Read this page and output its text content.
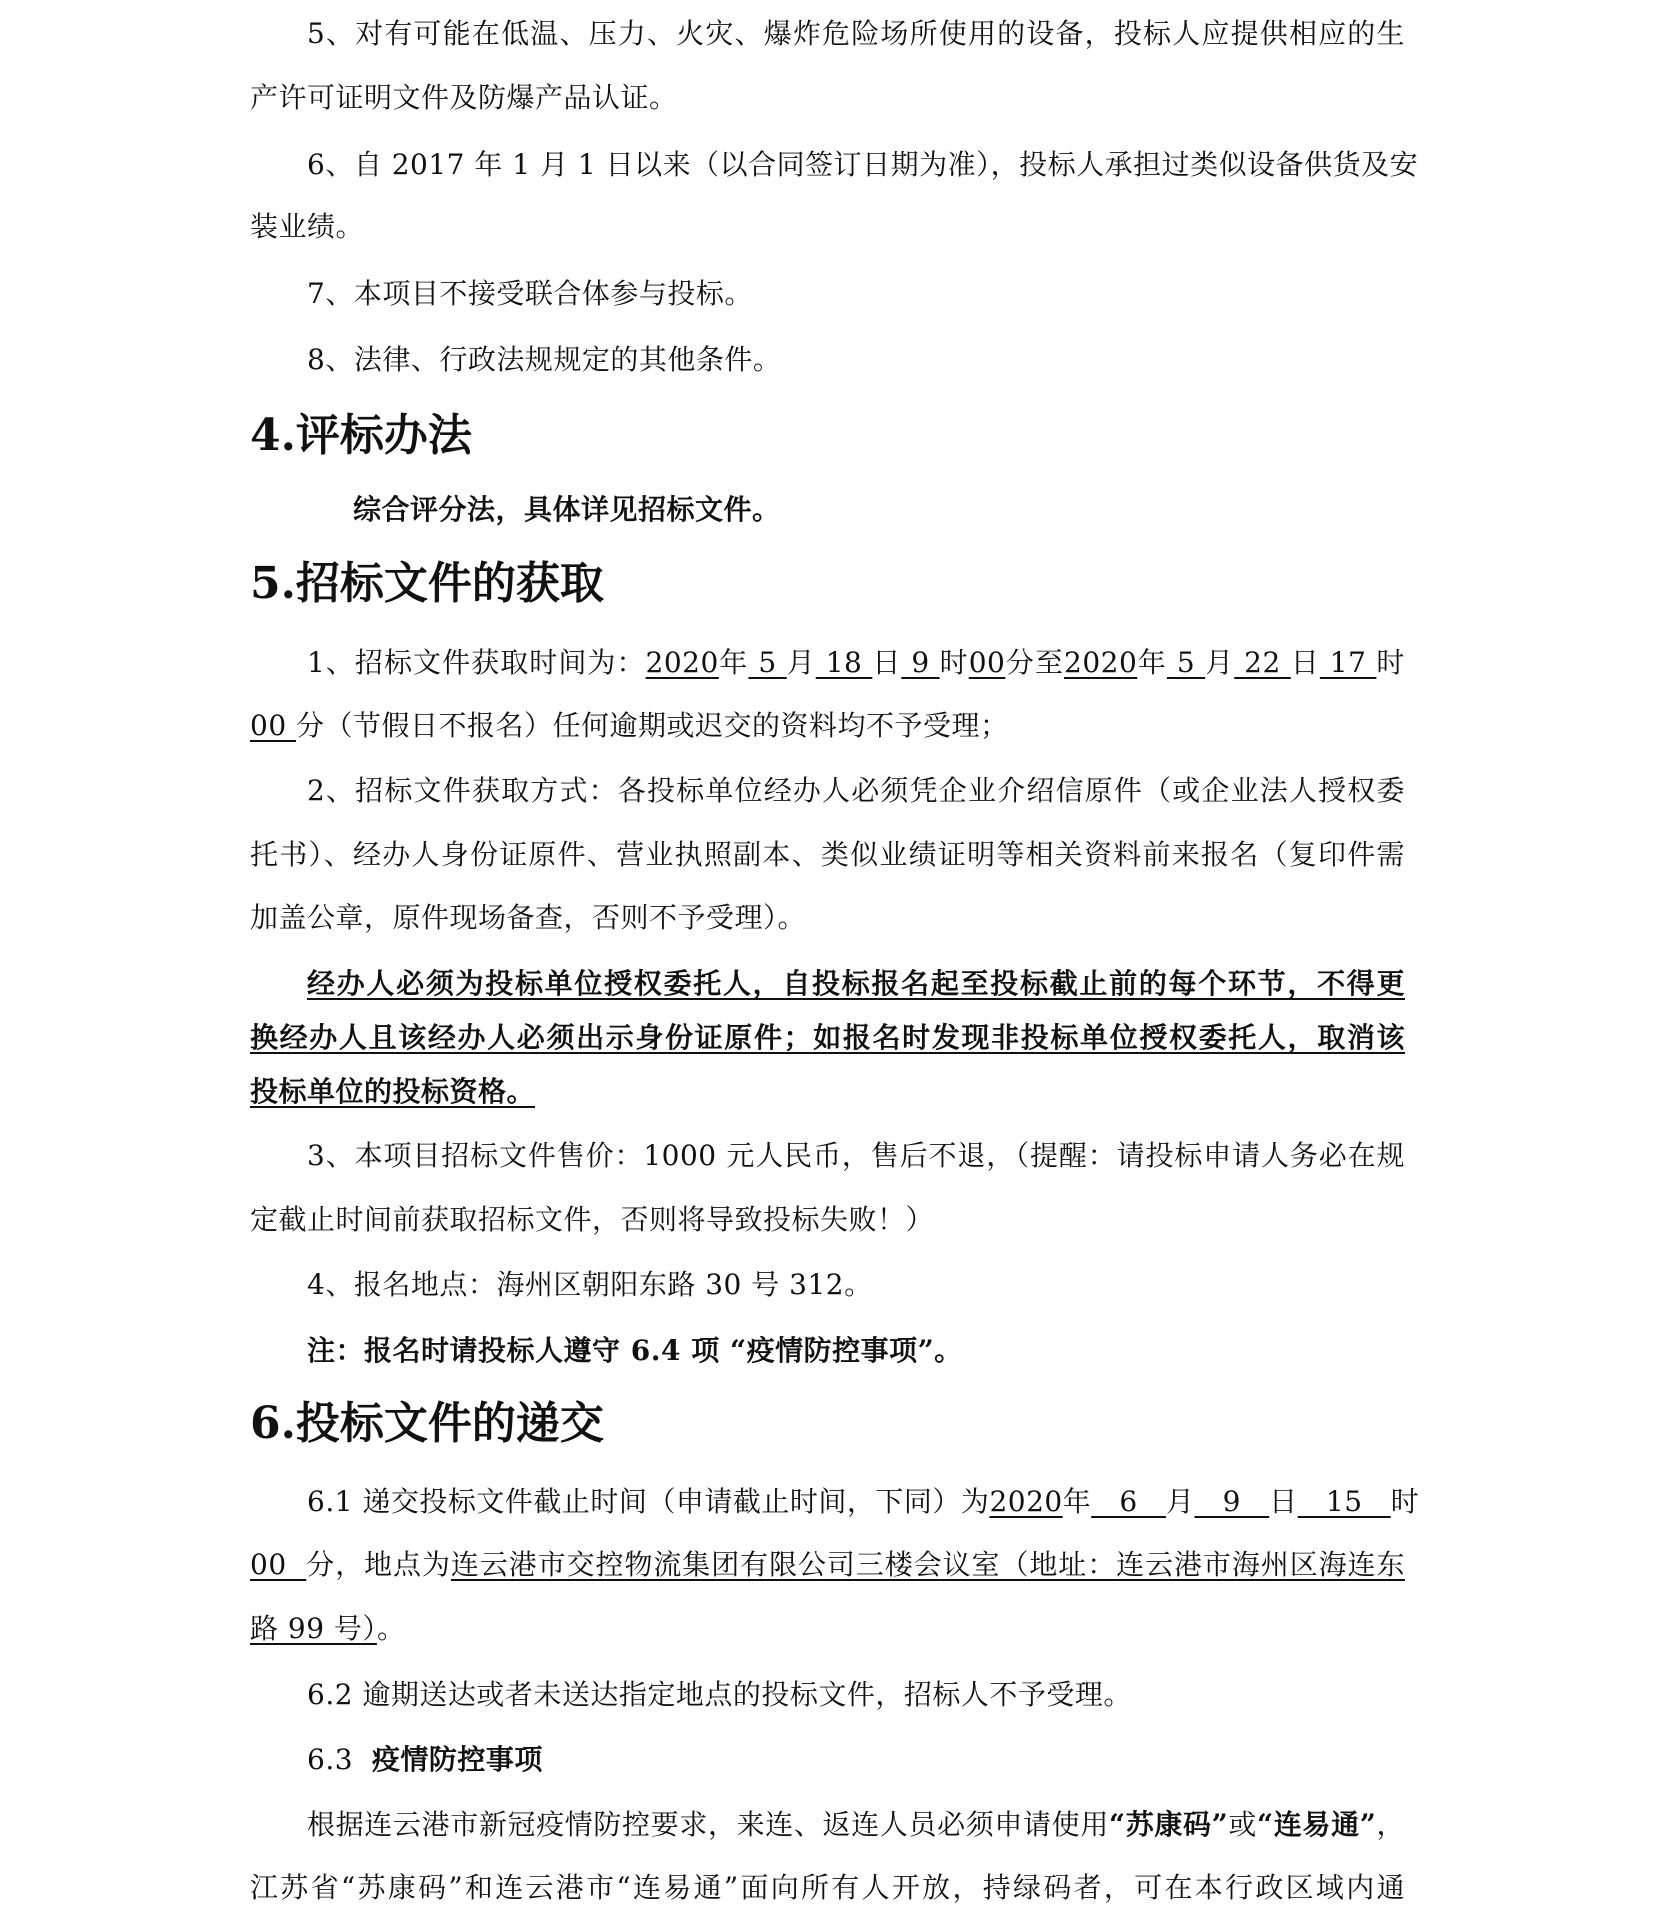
5、对有可能在低温、压力、火灾、爆炸危险场所使用的设备，投标人应提供相应的生
产许可证明文件及防爆产品认证。
6、自 2017 年 1 月 1 日以来（以合同签订日期为准），投标人承担过类似设备供货及安
装业绩。
7、本项目不接受联合体参与投标。
8、法律、行政法规规定的其他条件。
4.评标办法
综合评分法，具体详见招标文件。
5.招标文件的获取
1、招标文件获取时间为：2020年 5 月 18 日 9 时00分至2020年 5 月 22 日 17 时
00 分（节假日不报名）任何逾期或迟交的资料均不予受理；
2、招标文件获取方式：各投标单位经办人必须凭企业介绍信原件（或企业法人授权委
托书）、经办人身份证原件、营业执照副本、类似业绩证明等相关资料前来报名（复印件需
加盖公章，原件现场备查，否则不予受理）。
经办人必须为投标单位授权委托人，自投标报名起至投标截止前的每个环节，不得更
换经办人且该经办人必须出示身份证原件；如报名时发现非投标单位授权委托人，取消该
投标单位的投标资格。
3、本项目招标文件售价：1000 元人民币，售后不退，（提醒：请投标申请人务必在规
定截止时间前获取招标文件，否则将导致投标失败！）
4、报名地点：海州区朝阳东路 30 号 312。
注：报名时请投标人遵守 6.4 项 “疫情防控事项”。
6.投标文件的递交
6.1 递交投标文件截止时间（申请截止时间，下同）为2020年   6   月   9   日   15   时
00  分，地点为连云港市交控物流集团有限公司三楼会议室（地址：连云港市海州区海连东
路 99 号）。
6.2 逾期送达或者未送达指定地点的投标文件，招标人不予受理。
6.3 疫情防控事项
根据连云港市新冠疫情防控要求，来连、返连人员必须申请使用“苏康码”或“连易通”，
江苏省“苏康码”和连云港市“连易通”面向所有人开放，持绿码者，可在本行政区域内通
